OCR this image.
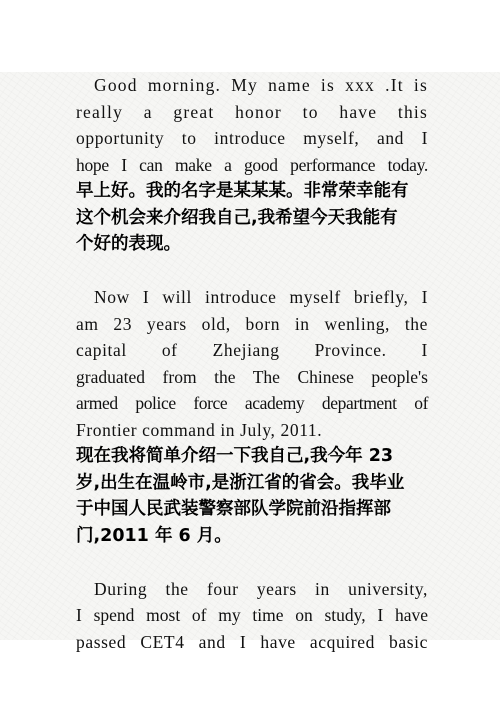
Good morning. My name is xxx .It is
really a great honor to have this
opportunity to introduce myself, and I
hope I can make a good performance today.
早上好。我的名字是某某某。非常荣幸能有
这个机会来介绍我自己,我希望今天我能有
个好的表现。
Now I will introduce myself briefly, I
am 23 years old, born in wenling, the
capital of Zhejiang Province. I
graduated from the The Chinese people's
armed police force academy department of
Frontier command in July, 2011.
现在我将简单介绍一下我自己,我今年 23
岁,出生在温岭市,是浙江省的省会。我毕业
于中国人民武装警察部队学院前沿指挥部
门,2011 年 6 月。
During the four years in university,
I spend most of my time on study, I have
passed CET4 and I have acquired basic
